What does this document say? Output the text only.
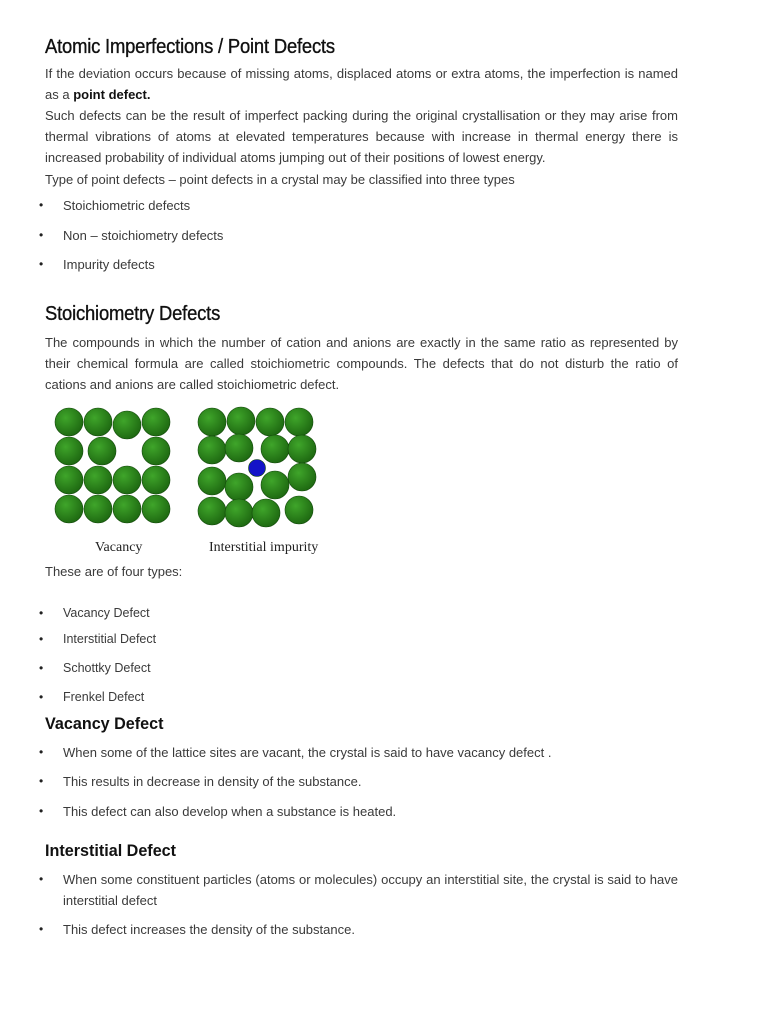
Atomic Imperfections / Point Defects

If the deviation occurs because of missing atoms, displaced atoms or extra atoms, the imperfection is named as a point defect.

Such defects can be the result of imperfect packing during the original crystallisation or they may arise from thermal vibrations of atoms at elevated temperatures because with increase in thermal energy there is increased probability of individual atoms jumping out of their positions of lowest energy.

Type of point defects – point defects in a crystal may be classified into three types

• Stoichiometric defects
• Non – stoichiometry defects
• Impurity defects
Stoichiometry Defects

The compounds in which the number of cation and anions are exactly in the same ratio as represented by their chemical formula are called stoichiometric compounds. The defects that do not disturb the ratio of cations and anions are called stoichiometric defect.

Vacancy	Interstitial impurity

These are of four types:

• Vacancy Defect
• Interstitial Defect
• Schottky Defect
• Frenkel Defect
Vacancy Defect
• When some of the lattice sites are vacant, the crystal is said to have vacancy defect .
• This results in decrease in density of the substance.
• This defect can also develop when a substance is heated.
Interstitial Defect
• When some constituent particles (atoms or molecules) occupy an interstitial site, the crystal is said to have interstitial defect
• This defect increases the density of the substance.
